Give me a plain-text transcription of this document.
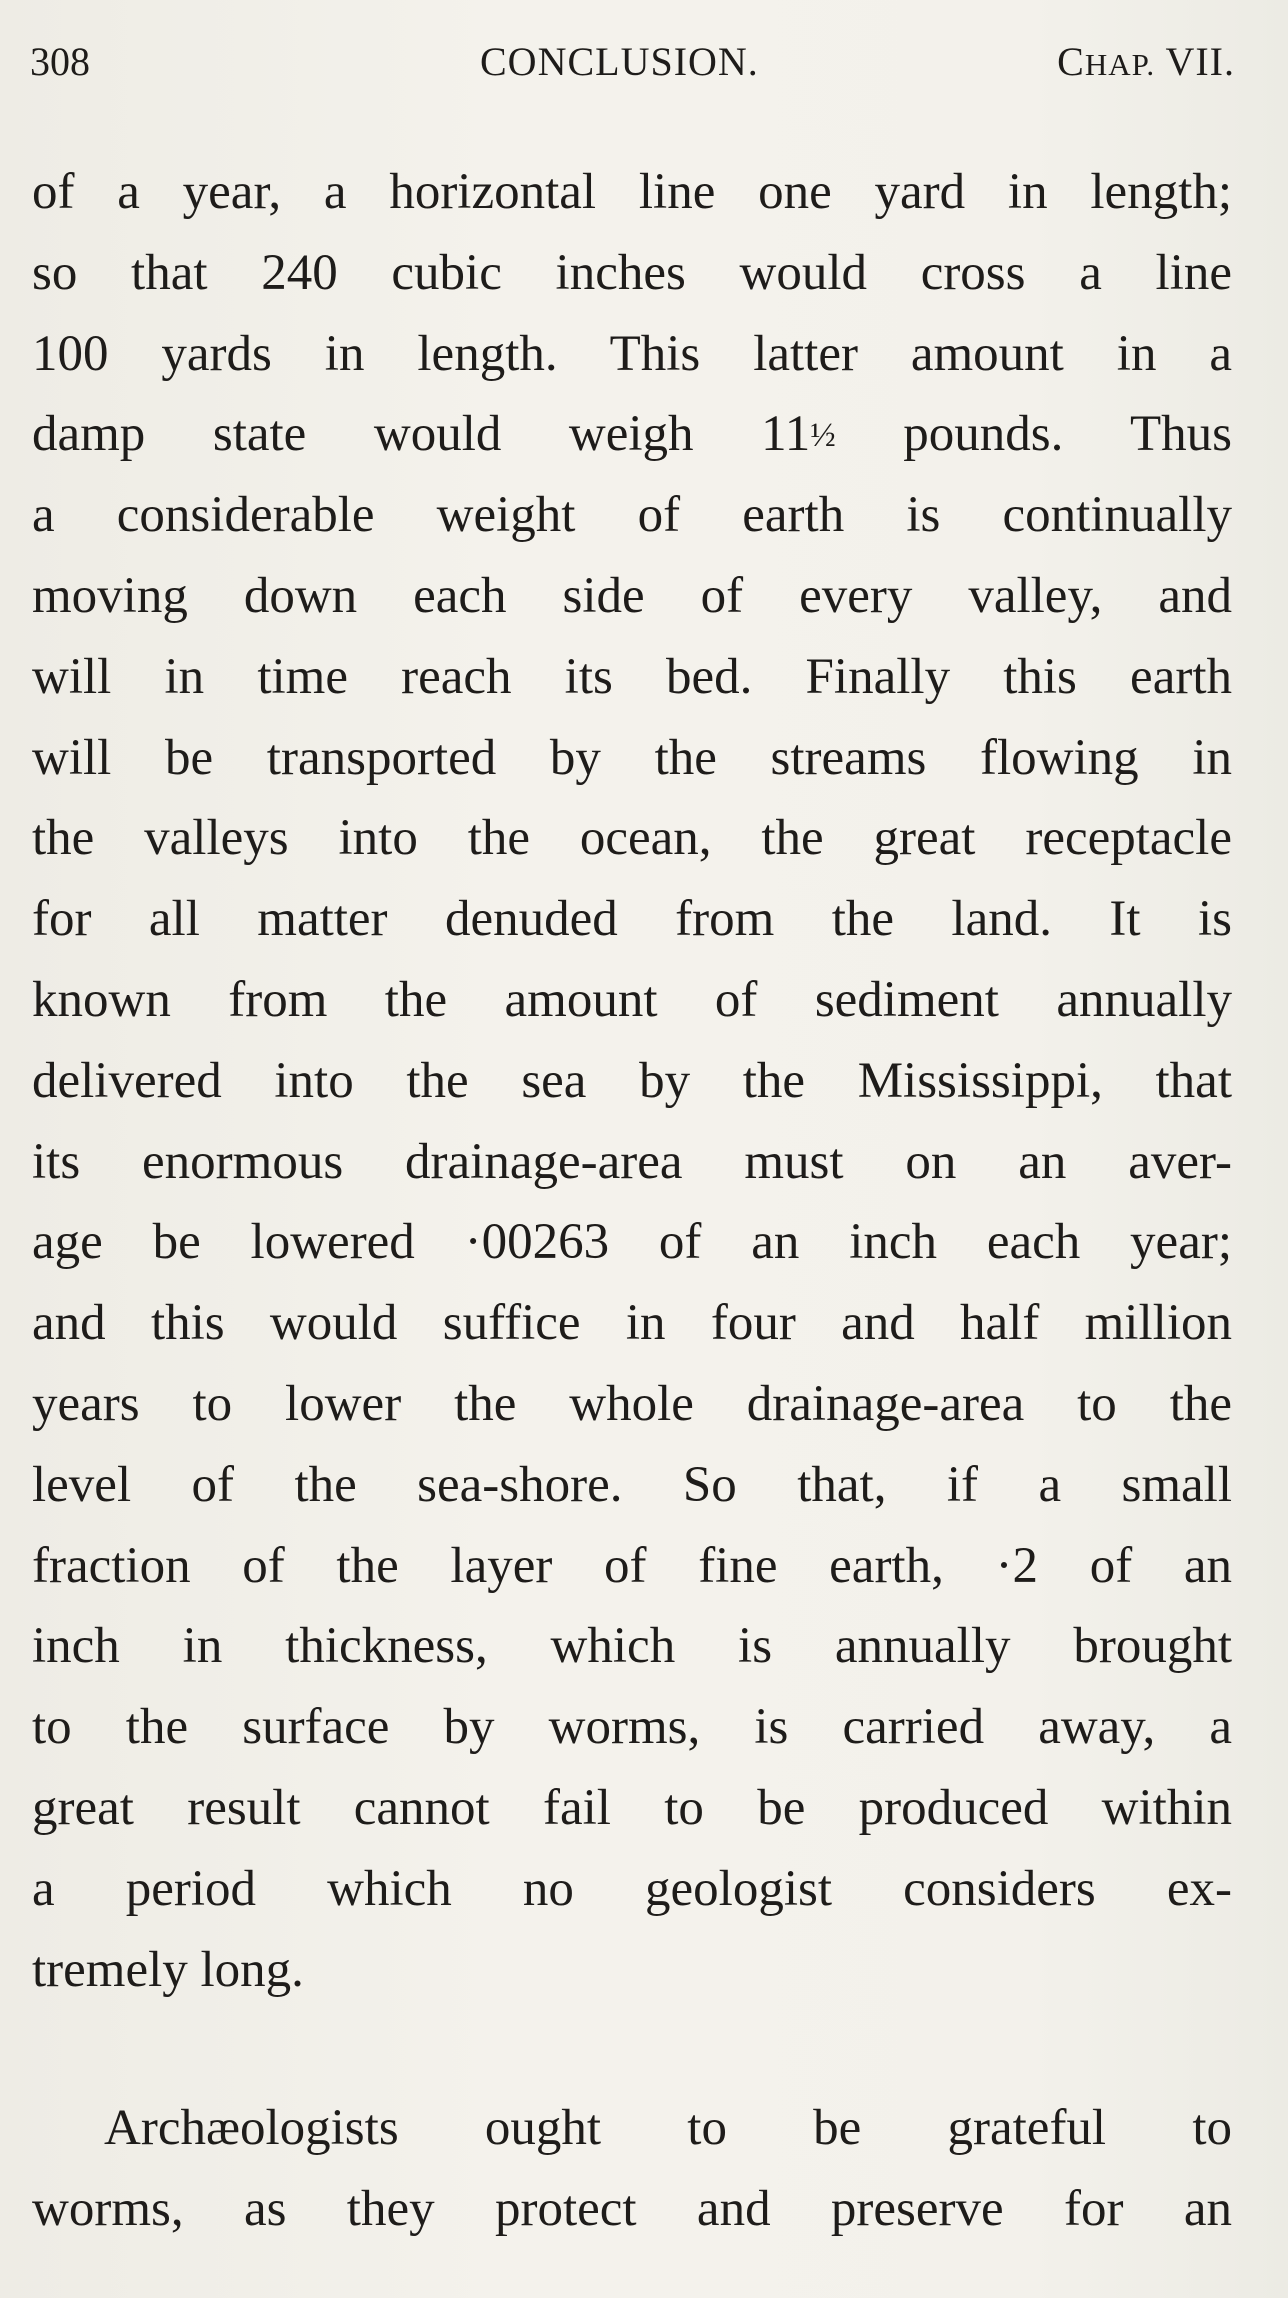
308	CONCLUSION.	CHAP. VII.
of a year, a horizontal line one yard in length;
so that 240 cubic inches would cross a line
100 yards in length. This latter amount in a
damp state would weigh 11½ pounds. Thus
a considerable weight of earth is continually
moving down each side of every valley, and
will in time reach its bed. Finally this earth
will be transported by the streams flowing in
the valleys into the ocean, the great receptacle
for all matter denuded from the land. It is
known from the amount of sediment annually
delivered into the sea by the Mississippi, that
its enormous drainage-area must on an aver-
age be lowered ·00263 of an inch each year;
and this would suffice in four and half million
years to lower the whole drainage-area to the
level of the sea-shore. So that, if a small
fraction of the layer of fine earth, ·2 of an
inch in thickness, which is annually brought
to the surface by worms, is carried away, a
great result cannot fail to be produced within
a period which no geologist considers ex-
tremely long.
Archæologists ought to be grateful to
worms, as they protect and preserve for an
